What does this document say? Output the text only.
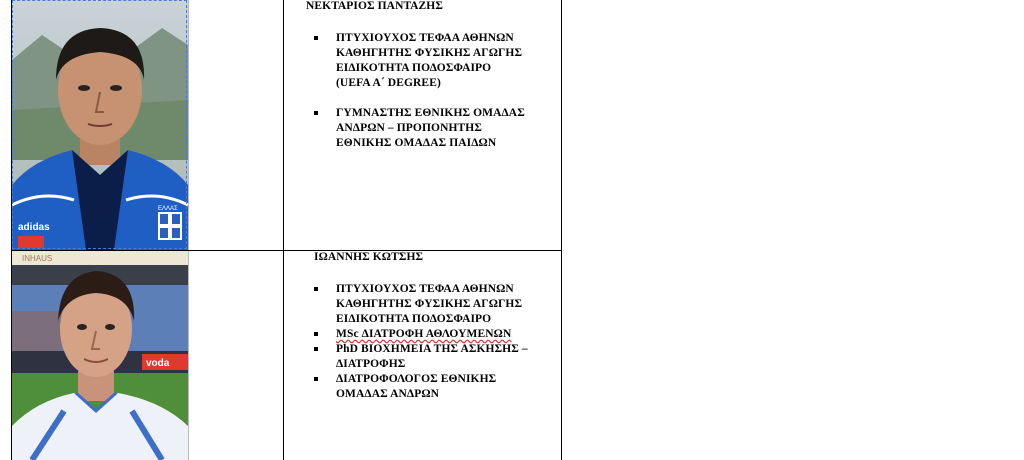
adidas
ΕΛΛΑΣ
INHAUS
voda
ΝΕΚΤΑΡΙΟΣ ΠΑΝΤΑΖΗΣ
ΠΤΥΧΙΟΥΧΟΣ ΤΕΦΑΑ ΑΘΗΝΩΝ
ΚΑΘΗΓΗΤΗΣ ΦΥΣΙΚΗΣ ΑΓΩΓΗΣ
ΕΙΔΙΚΟΤΗΤΑ ΠΟΔΟΣΦΑΙΡΟ
(UEFA A΄ DEGREE)
ΓΥΜΝΑΣΤΗΣ ΕΘΝΙΚΗΣ ΟΜΑΔΑΣ
ΑΝΔΡΩΝ – ΠΡΟΠΟΝΗΤΗΣ
ΕΘΝΙΚΗΣ ΟΜΑΔΑΣ ΠΑΙΔΩΝ
ΙΩΑΝΝΗΣ ΚΩΤΣΗΣ
ΠΤΥΧΙΟΥΧΟΣ ΤΕΦΑΑ ΑΘΗΝΩΝ
ΚΑΘΗΓΗΤΗΣ ΦΥΣΙΚΗΣ ΑΓΩΓΗΣ
ΕΙΔΙΚΟΤΗΤΑ ΠΟΔΟΣΦΑΙΡΟ
MSc ΔΙΑΤΡΟΦΗ ΑΘΛΟΥΜΕΝΩΝ
PhD ΒΙΟΧΗΜΕΙΑ ΤΗΣ ΑΣΚΗΣΗΣ –
ΔΙΑΤΡΟΦΗΣ
ΔΙΑΤΡΟΦΟΛΟΓΟΣ ΕΘΝΙΚΗΣ
ΟΜΑΔΑΣ ΑΝΔΡΩΝ
